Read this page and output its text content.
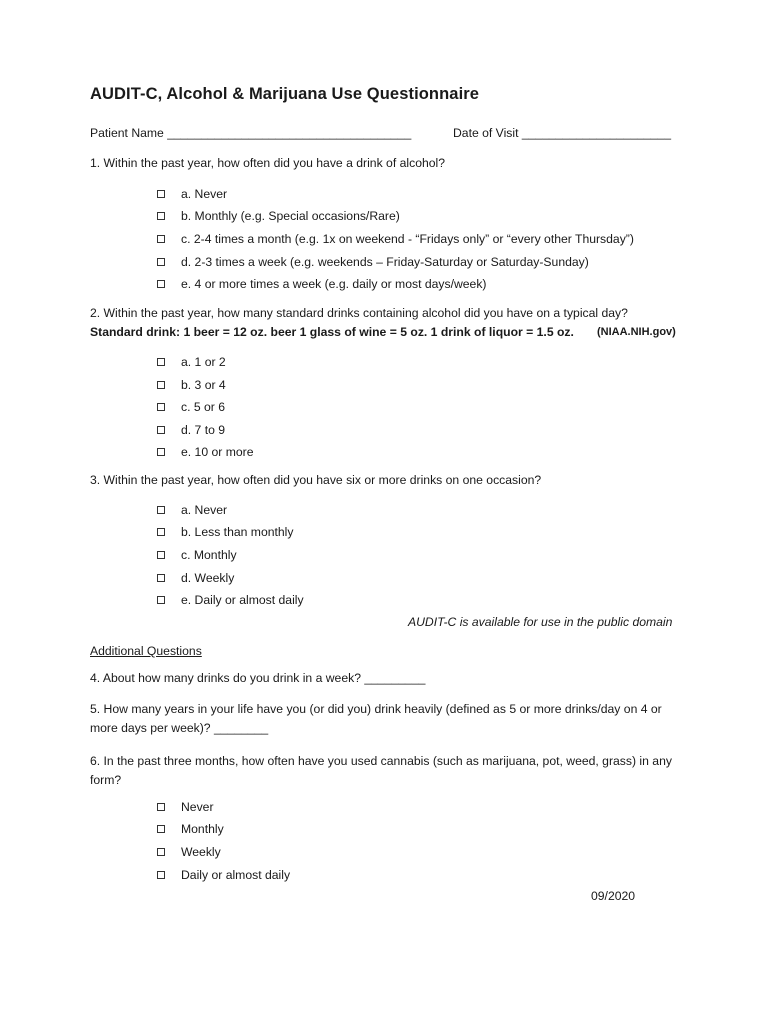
AUDIT-C, Alcohol & Marijuana Use Questionnaire
Patient Name ____________________________________	Date of Visit ______________________
1. Within the past year, how often did you have a drink of alcohol?
a. Never
b. Monthly (e.g. Special occasions/Rare)
c. 2-4 times a month (e.g. 1x on weekend - “Fridays only” or “every other Thursday”)
d. 2-3 times a week (e.g. weekends – Friday-Saturday or Saturday-Sunday)
e. 4 or more times a week (e.g. daily or most days/week)
2. Within the past year, how many standard drinks containing alcohol did you have on a typical day?
Standard drink: 1 beer = 12 oz. beer 1 glass of wine = 5 oz. 1 drink of liquor = 1.5 oz. (NIAA.NIH.gov)
a. 1 or 2
b. 3 or 4
c. 5 or 6
d. 7 to 9
e. 10 or more
3. Within the past year, how often did you have six or more drinks on one occasion?
a. Never
b. Less than monthly
c. Monthly
d. Weekly
e. Daily or almost daily
AUDIT-C is available for use in the public domain
Additional Questions
4. About how many drinks do you drink in a week? _________
5. How many years in your life have you (or did you) drink heavily (defined as 5 or more drinks/day on 4 or more days per week)? ________
6. In the past three months, how often have you used cannabis (such as marijuana, pot, weed, grass) in any form?
Never
Monthly
Weekly
Daily or almost daily
09/2020
